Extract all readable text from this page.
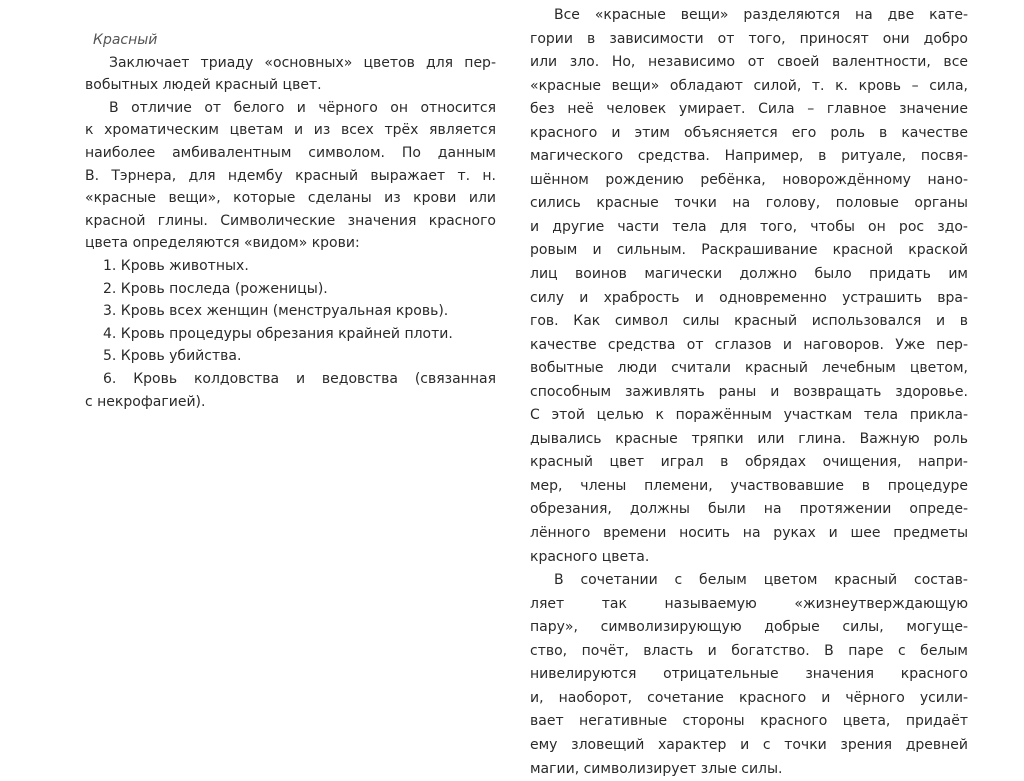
Красный
Заключает триаду «основных» цветов для пер-
вобытных людей красный цвет.
В отличие от белого и чёрного он относится
к хроматическим цветам и из всех трёх является
наиболее амбивалентным символом. По данным
В. Тэрнера, для ндембу красный выражает т. н.
«красные вещи», которые сделаны из крови или
красной глины. Символические значения красного
цвета определяются «видом» крови:
1. Кровь животных.
2. Кровь последа (роженицы).
3. Кровь всех женщин (менструальная кровь).
4. Кровь процедуры обрезания крайней плоти.
5. Кровь убийства.
6. Кровь колдовства и ведовства (связанная
с некрофагией).
Все «красные вещи» разделяются на две кате-
гории в зависимости от того, приносят они добро
или зло. Но, независимо от своей валентности, все
«красные вещи» обладают силой, т. к. кровь – сила,
без неё человек умирает. Сила – главное значение
красного и этим объясняется его роль в качестве
магического средства. Например, в ритуале, посвя-
шённом рождению ребёнка, новорождённому нано-
сились красные точки на голову, половые органы
и другие части тела для того, чтобы он рос здо-
ровым и сильным. Раскрашивание красной краской
лиц воинов магически должно было придать им
силу и храбрость и одновременно устрашить вра-
гов. Как символ силы красный использовался и в
качестве средства от сглазов и наговоров. Уже пер-
вобытные люди считали красный лечебным цветом,
способным заживлять раны и возвращать здоровье.
С этой целью к поражённым участкам тела прикла-
дывались красные тряпки или глина. Важную роль
красный цвет играл в обрядах очищения, напри-
мер, члены племени, участвовавшие в процедуре
обрезания, должны были на протяжении опреде-
лённого времени носить на руках и шее предметы
красного цвета.
В сочетании с белым цветом красный состав-
ляет так называемую «жизнеутверждающую
пару», символизирующую добрые силы, могуще-
ство, почёт, власть и богатство. В паре с белым
нивелируются отрицательные значения красного
и, наоборот, сочетание красного и чёрного усили-
вает негативные стороны красного цвета, придаёт
ему зловещий характер и с точки зрения древней
магии, символизирует злые силы.
